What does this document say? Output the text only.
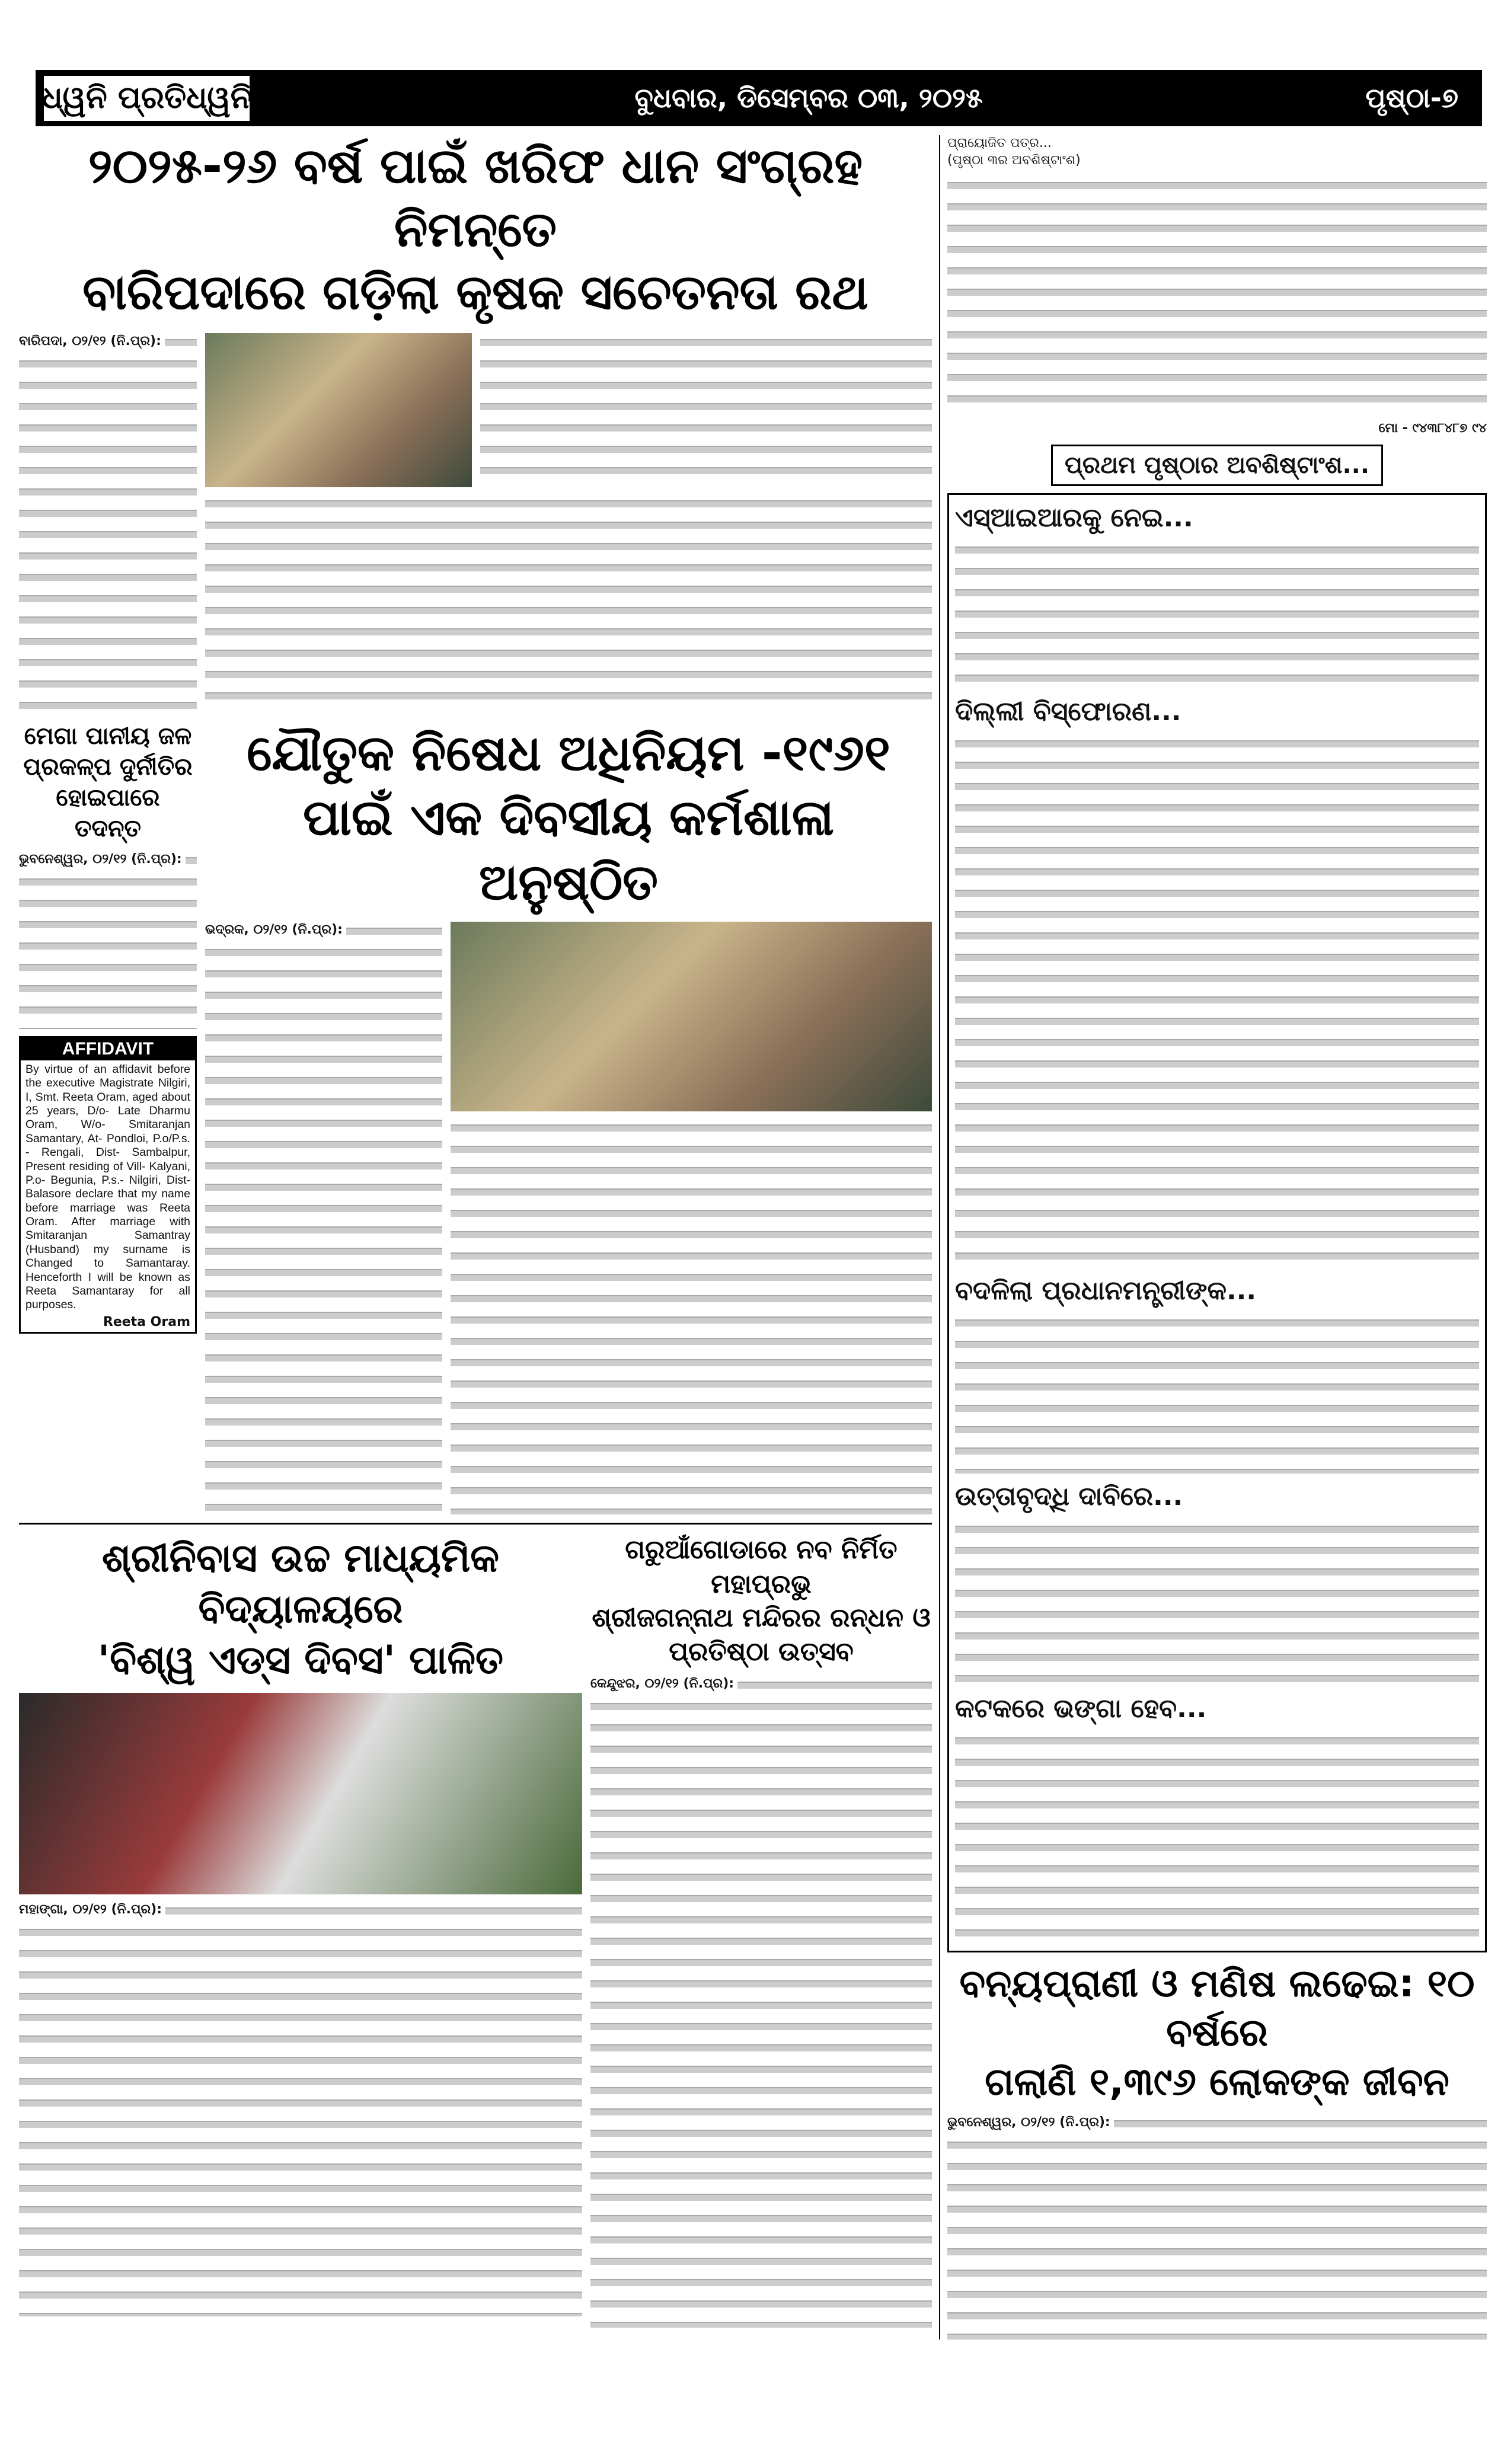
ଧ୍ୱନି ପ୍ରତିଧ୍ୱନି	ବୁଧବାର, ଡିସେମ୍ବର ୦୩, ୨୦୨୫	ପୃଷ୍ଠା-୭
୨୦୨୫-୨୬ ବର୍ଷ ପାଇଁ ଖରିଫ ଧାନ ସଂଗ୍ରହ ନିମନ୍ତେ
ବାରିପଦାରେ ଗଡ଼ିଲା କୃଷକ ସଚେତନତା ରଥ
ବାରିପଦା, ୦୨/୧୨ (ନି.ପ୍ର):
ମେଗା ପାନୀୟ ଜଳ ପ୍ରକଳ୍ପ ଦୁର୍ନୀତିର ହୋଇପାରେ ତଦନ୍ତ
ଭୁବନେଶ୍ୱର, ୦୨/୧୨ (ନି.ପ୍ର):
AFFIDAVIT

By virtue of an affidavit before the executive Magistrate Nilgiri, I, Smt. Reeta Oram, aged about 25 years, D/o- Late Dharmu Oram, W/o- Smitaranjan Samantary, At- Pondloi, P.o/P.s. - Rengali, Dist- Sambalpur, Present residing of Vill- Kalyani, P.o- Begunia, P.s.- Nilgiri, Dist- Balasore declare that my name before marriage was Reeta Oram. After marriage with Smitaranjan Samantray (Husband) my surname is Changed to Samantaray. Henceforth I will be known as Reeta Samantaray for all purposes.

Reeta Oram
ଯୌତୁକ ନିଷେଧ ଅଧିନିୟମ -୧୯୬୧
ପାଇଁ ଏକ ଦିବସୀୟ କର୍ମଶାଳା ଅନୁଷ୍ଠିତ
ଭଦ୍ରକ, ୦୨/୧୨ (ନି.ପ୍ର):
ଶ୍ରୀନିବାସ ଉଚ୍ଚ ମାଧ୍ୟମିକ ବିଦ୍ୟାଳୟରେ
'ବିଶ୍ୱ ଏଡ୍ସ ଦିବସ' ପାଳିତ
ମହାଙ୍ଗା, ୦୨/୧୨ (ନି.ପ୍ର):
ଗରୁଆଁଗୋଡାରେ ନବ ନିର୍ମିତ ମହାପ୍ରଭୁ
ଶ୍ରୀଜଗନ୍ନାଥ ମନ୍ଦିରର ରନ୍ଧନ ଓ ପ୍ରତିଷ୍ଠା ଉତ୍ସବ
କେନ୍ଦୁଝର, ୦୨/୧୨ (ନି.ପ୍ର):
ପ୍ରାୟୋଜିତ ପତ୍ର...
(ପୃଷ୍ଠା ୩ର ଅବଶିଷ୍ଟାଂଶ)
ମୋ - ୯୪୩୮୪୮୭ ୯୪
ପ୍ରଥମ ପୃଷ୍ଠାର ଅବଶିଷ୍ଟାଂଶ...
ଏସ୍ଆଇଆରକୁ ନେଇ...
ଦିଲ୍ଲୀ ବିସ୍ଫୋରଣ...
ବଦଳିଲା ପ୍ରଧାନମନ୍ତ୍ରୀଙ୍କ...
ଉତ୍ତାବୃଦ୍ଧି ଦାବିରେ...
କଟକରେ ଭଙ୍ଗା ହେବ...
ବନ୍ୟପ୍ରାଣୀ ଓ ମଣିଷ ଲଢେଇ: ୧୦ ବର୍ଷରେ
ଗଲାଣି ୧,୩୯୬ ଲୋକଙ୍କ ଜୀବନ
ଭୁବନେଶ୍ୱର, ୦୨/୧୨ (ନି.ପ୍ର):
